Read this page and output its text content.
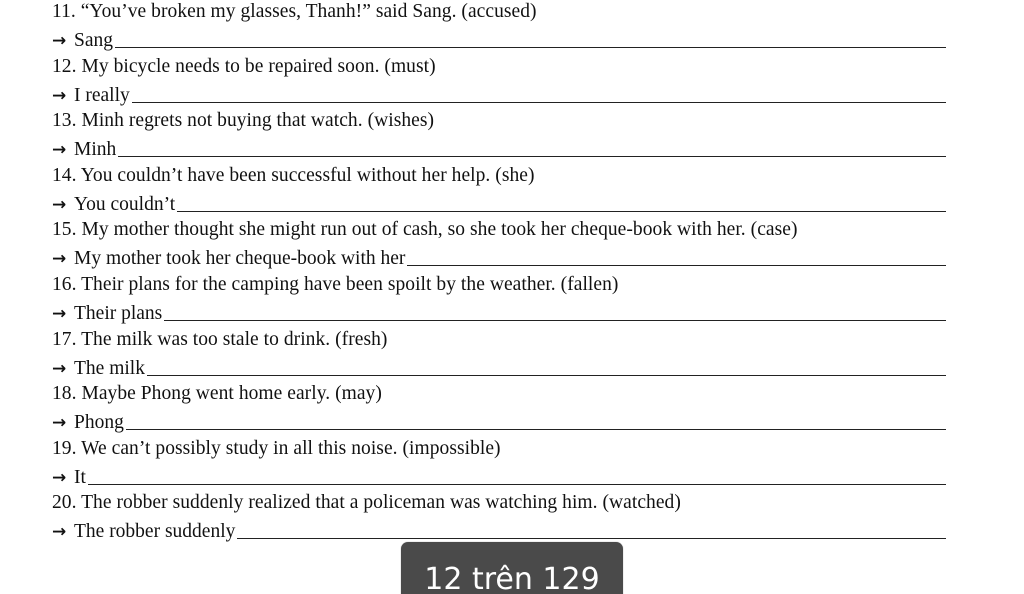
11. “You’ve broken my glasses, Thanh!” said Sang. (accused)
→ Sang
12. My bicycle needs to be repaired soon. (must)
→ I really
13. Minh regrets not buying that watch. (wishes)
→ Minh
14. You couldn’t have been successful without her help. (she)
→ You couldn’t
15. My mother thought she might run out of cash, so she took her cheque-book with her. (case)
→ My mother took her cheque-book with her
16. Their plans for the camping have been spoilt by the weather. (fallen)
→ Their plans
17. The milk was too stale to drink. (fresh)
→ The milk
18. Maybe Phong went home early. (may)
→ Phong
19. We can’t possibly study in all this noise. (impossible)
→ It
20. The robber suddenly realized that a policeman was watching him. (watched)
→ The robber suddenly
12 trên 129
